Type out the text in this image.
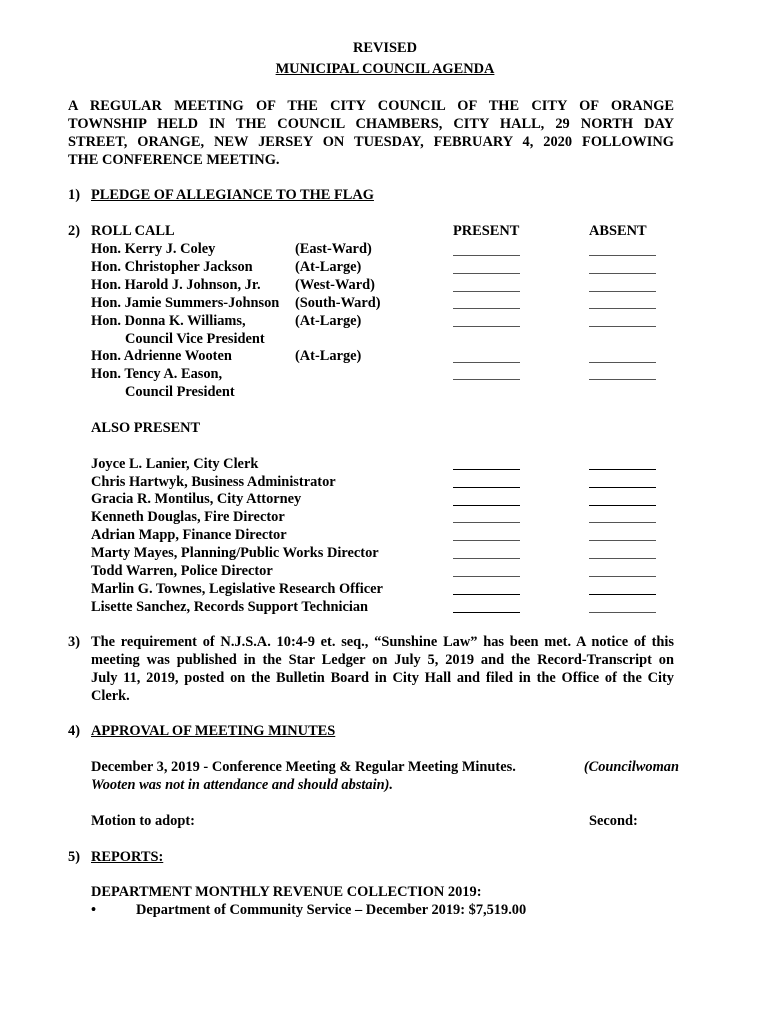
REVISED
MUNICIPAL COUNCIL AGENDA
A REGULAR MEETING OF THE CITY COUNCIL OF THE CITY OF ORANGE
TOWNSHIP HELD IN THE COUNCIL CHAMBERS, CITY HALL, 29 NORTH DAY
STREET, ORANGE, NEW JERSEY ON TUESDAY, FEBRUARY 4, 2020 FOLLOWING
THE CONFERENCE MEETING.
1) PLEDGE OF ALLEGIANCE TO THE FLAG
2) ROLL CALL	PRESENT	ABSENT
Hon. Kerry J. Coley	(East-Ward)
Hon. Christopher Jackson	(At-Large)
Hon. Harold J. Johnson, Jr. (West-Ward)
Hon. Jamie Summers-Johnson (South-Ward)
Hon. Donna K. Williams,	(At-Large)
Council Vice President
Hon. Adrienne Wooten	(At-Large)
Hon. Tency A. Eason,
Council President
ALSO PRESENT
Joyce L. Lanier, City Clerk
Chris Hartwyk, Business Administrator
Gracia R. Montilus, City Attorney
Kenneth Douglas, Fire Director
Adrian Mapp, Finance Director
Marty Mayes, Planning/Public Works Director
Todd Warren, Police Director
Marlin G. Townes, Legislative Research Officer
Lisette Sanchez, Records Support Technician
3) The requirement of N.J.S.A. 10:4-9 et. seq., “Sunshine Law” has been met. A notice of this
meeting was published in the Star Ledger on July 5, 2019 and the Record-Transcript on
July 11, 2019, posted on the Bulletin Board in City Hall and filed in the Office of the City
Clerk.
4) APPROVAL OF MEETING MINUTES
December 3, 2019 - Conference Meeting & Regular Meeting Minutes.	(Councilwoman
Wooten was not in attendance and should abstain).
Motion to adopt:	Second:
5) REPORTS:
DEPARTMENT MONTHLY REVENUE COLLECTION 2019:
•	Department of Community Service – December 2019: $7,519.00
